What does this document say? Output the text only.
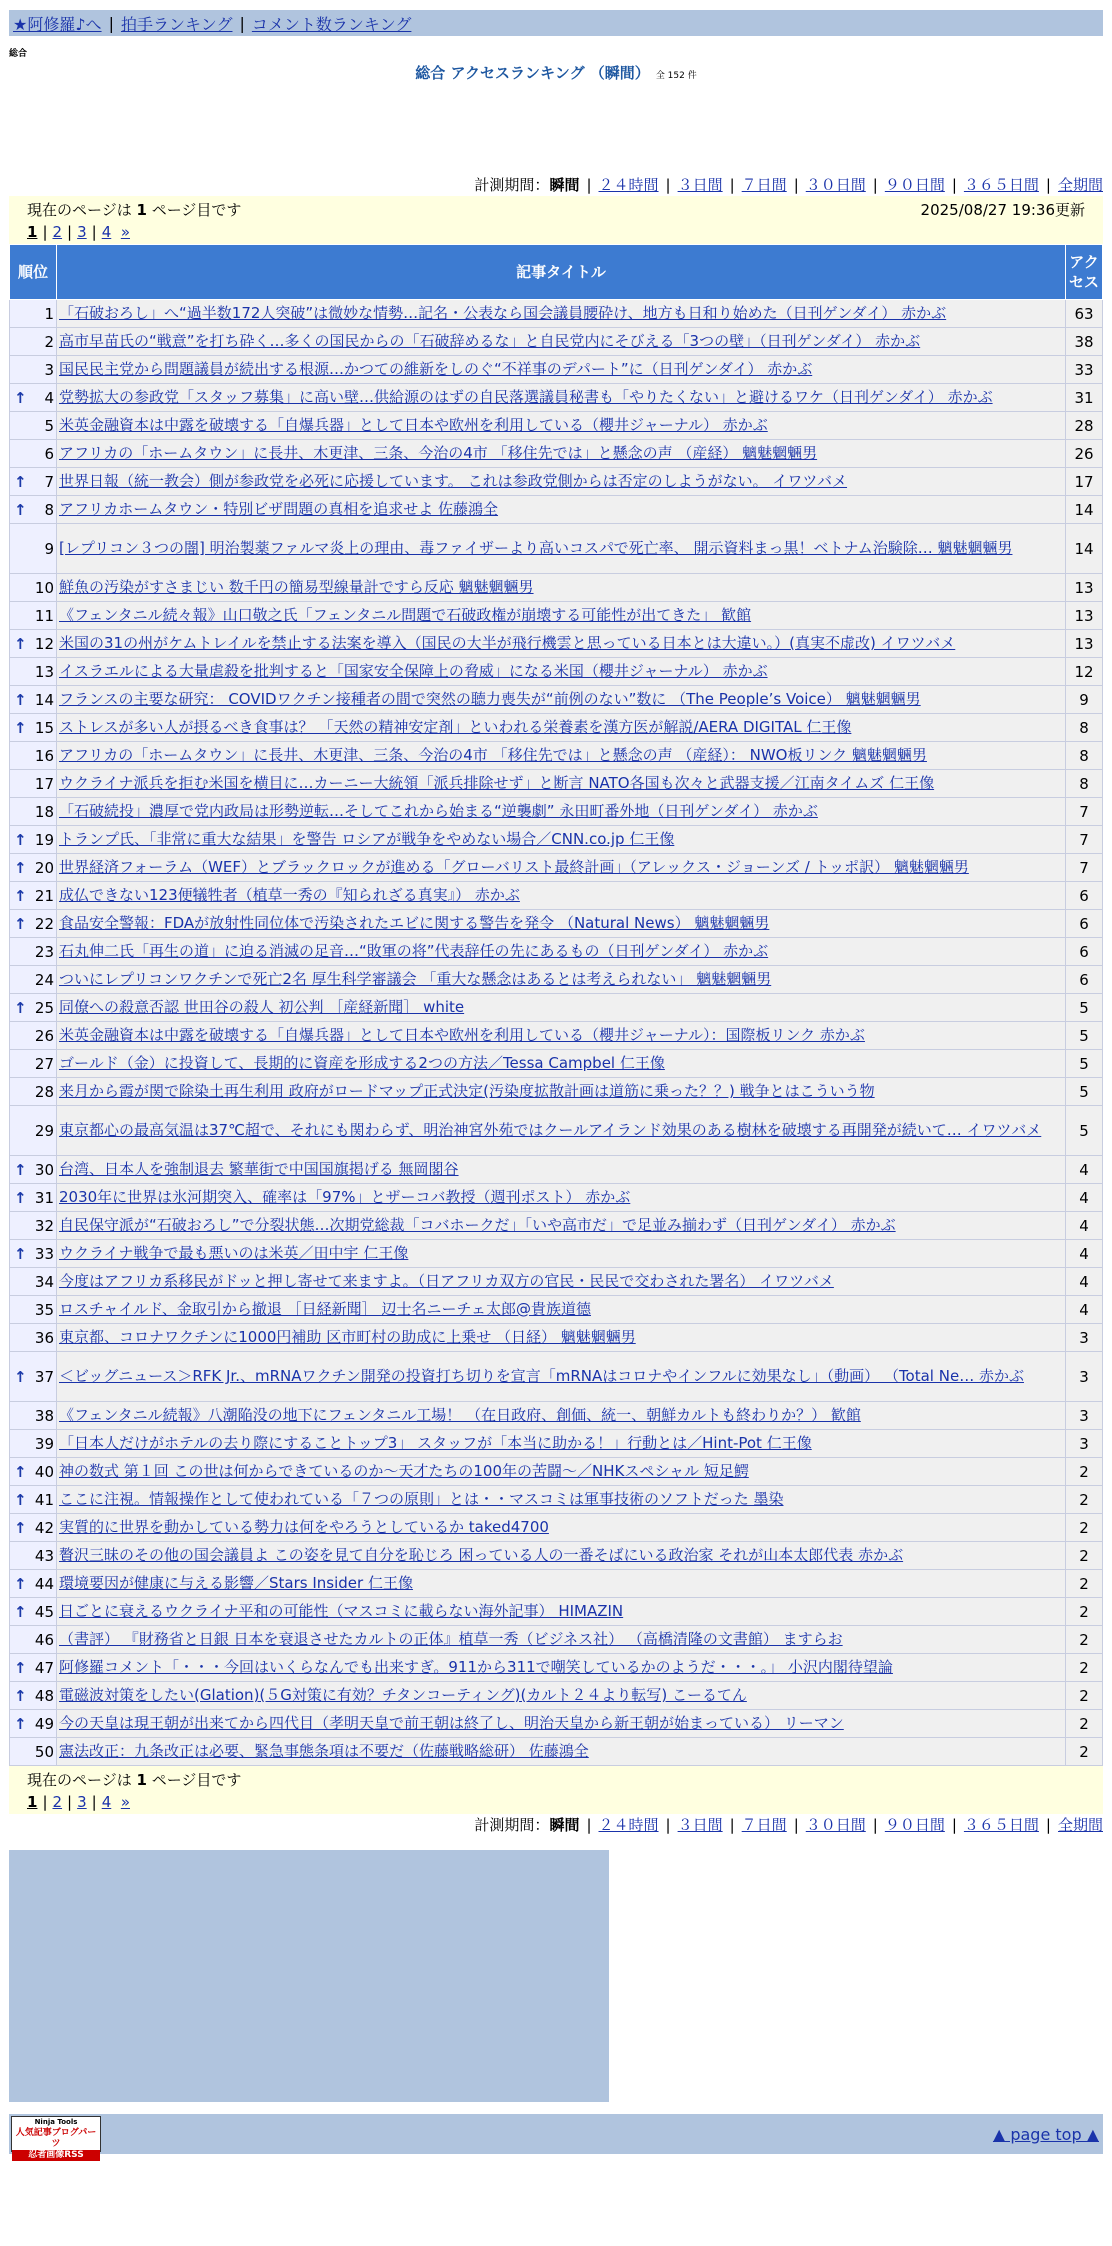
★阿修羅♪へ | 拍手ランキング | コメント数ランキング
総合
総合 アクセスランキング （瞬間） 全 152 件
計測期間：瞬間 | ２４時間 | ３日間 | ７日間 | ３０日間 | ９０日間 | ３６５日間 | 全期間
現在のページは 1 ページ目です	2025/08/27 19:36更新
1 | 2 | 3 | 4 »
順位	記事タイトル	アクセス
1	「石破おろし」へ“過半数172人突破”は微妙な情勢…記名・公表なら国会議員腰砕け、地方も日和り始めた（日刊ゲンダイ） 赤かぶ	63
2	高市早苗氏の“戦意”を打ち砕く…多くの国民からの「石破辞めるな」と自民党内にそびえる「3つの壁」（日刊ゲンダイ） 赤かぶ	38
3	国民民主党から問題議員が続出する根源…かつての維新をしのぐ“不祥事のデパート”に（日刊ゲンダイ） 赤かぶ	33

↑ 4	党勢拡大の参政党「スタッフ募集」に高い壁…供給源のはずの自民落選議員秘書も「やりたくない」と避けるワケ（日刊ゲンダイ） 赤かぶ	31
5	米英金融資本は中露を破壊する「自爆兵器」として日本や欧州を利用している（櫻井ジャーナル） 赤かぶ	28
6	アフリカの「ホームタウン」に長井、木更津、三条、今治の4市 「移住先では」と懸念の声 （産経） 魑魅魍魎男	26

↑ 7	世界日報（統一教会）側が参政党を必死に応援しています。 これは参政党側からは否定のしようがない。 イワツバメ	17

↑ 8	アフリカホームタウン・特別ビザ問題の真相を追求せよ 佐藤鴻全	14
9	[レプリコン３つの闇] 明治製薬ファルマ炎上の理由、毒ファイザーより高いコスパで死亡率、 開示資料まっ黒！ベトナム治験除… 魑魅魍魎男	14
10	鮮魚の汚染がすさまじい 数千円の簡易型線量計ですら反応 魑魅魍魎男	13
11	《フェンタニル続々報》山口敬之氏「フェンタニル問題で石破政権が崩壊する可能性が出てきた」 歓館	13

↑ 12	米国の31の州がケムトレイルを禁止する法案を導入（国民の大半が飛行機雲と思っている日本とは大違い。）(真実不虚改) イワツバメ	13
13	イスラエルによる大量虐殺を批判すると「国家安全保障上の脅威」になる米国（櫻井ジャーナル） 赤かぶ	12

↑ 14	フランスの主要な研究： COVIDワクチン接種者の間で突然の聴力喪失が“前例のない”数に （The People’s Voice） 魑魅魍魎男	9

↑ 15	ストレスが多い人が摂るべき食事は？ 「天然の精神安定剤」といわれる栄養素を漢方医が解説/AERA DIGITAL 仁王像	8
16	アフリカの「ホームタウン」に長井、木更津、三条、今治の4市 「移住先では」と懸念の声 （産経）： NWO板リンク 魑魅魍魎男	8
17	ウクライナ派兵を拒む米国を横目に…カーニー大統領「派兵排除せず」と断言 NATO各国も次々と武器支援／江南タイムズ 仁王像	8
18	「石破続投」濃厚で党内政局は形勢逆転…そしてこれから始まる“逆襲劇” 永田町番外地（日刊ゲンダイ） 赤かぶ	7

↑ 19	トランプ氏、「非常に重大な結果」を警告 ロシアが戦争をやめない場合／CNN.co.jp 仁王像	7

↑ 20	世界経済フォーラム（WEF）とブラックロックが進める「グローバリスト最終計画」（アレックス・ジョーンズ / トッポ訳） 魑魅魍魎男	7

↑ 21	成仏できない123便犠牲者（植草一秀の『知られざる真実』） 赤かぶ	6

↑ 22	食品安全警報：FDAが放射性同位体で汚染されたエビに関する警告を発令 （Natural News） 魑魅魍魎男	6
23	石丸伸二氏「再生の道」に迫る消滅の足音…“敗軍の将”代表辞任の先にあるもの（日刊ゲンダイ） 赤かぶ	6
24	ついにレプリコンワクチンで死亡2名 厚生科学審議会 「重大な懸念はあるとは考えられない」 魑魅魍魎男	6

↑ 25	同僚への殺意否認 世田谷の殺人 初公判 ［産経新聞］ white	5
26	米英金融資本は中露を破壊する「自爆兵器」として日本や欧州を利用している（櫻井ジャーナル）：国際板リンク 赤かぶ	5
27	ゴールド（金）に投資して、長期的に資産を形成する2つの方法／Tessa Campbel 仁王像	5
28	来月から霞が関で除染土再生利用 政府がロードマップ正式決定(汚染度拡散計画は道筋に乗った？？) 戦争とはこういう物	5
29	東京都心の最高気温は37℃超で、それにも関わらず、明治神宮外苑ではクールアイランド効果のある樹林を破壊する再開発が続いて… イワツバメ	5

↑ 30	台湾、日本人を強制退去 繁華街で中国国旗掲げる 無岡閣谷	4

↑ 31	2030年に世界は氷河期突入、確率は「97%」とザーコバ教授（週刊ポスト） 赤かぶ	4
32	自民保守派が“石破おろし”で分裂状態…次期党総裁「コバホークだ」「いや高市だ」で足並み揃わず（日刊ゲンダイ） 赤かぶ	4

↑ 33	ウクライナ戦争で最も悪いのは米英／田中宇 仁王像	4
34	今度はアフリカ系移民がドッと押し寄せて来ますよ。（日アフリカ双方の官民・民民で交わされた署名） イワツバメ	4
35	ロスチャイルド、金取引から撤退 ［日経新聞］ 辺士名ニーチェ太郎@貴族道德	4
36	東京都、コロナワクチンに1000円補助 区市町村の助成に上乗せ （日経） 魑魅魍魎男	3

↑ 37	＜ビッグニュース＞RFK Jr.、mRNAワクチン開発の投資打ち切りを宣言「mRNAはコロナやインフルに効果なし」（動画） （Total Ne… 赤かぶ	3
38	《フェンタニル続報》八潮陥没の地下にフェンタニル工場！ （在日政府、創価、統一、朝鮮カルトも終わりか？） 歓館	3
39	「日本人だけがホテルの去り際にすることトップ3」 スタッフが「本当に助かる！」行動とは／Hint-Pot 仁王像	3

↑ 40	神の数式 第１回 この世は何からできているのか～天才たちの100年の苦闘～／NHKスペシャル 短足鰐	2

↑ 41	ここに注視。情報操作として使われている「７つの原則」とは・・マスコミは軍事技術のソフトだった 墨染	2

↑ 42	実質的に世界を動かしている勢力は何をやろうとしているか taked4700	2
43	贅沢三昧のその他の国会議員よ この姿を見て自分を恥じろ 困っている人の一番そばにいる政治家 それが山本太郎代表 赤かぶ	2

↑ 44	環境要因が健康に与える影響／Stars Insider 仁王像	2

↑ 45	日ごとに衰えるウクライナ平和の可能性（マスコミに載らない海外記事） HIMAZIN	2
46	（書評） 『財務省と日銀 日本を衰退させたカルトの正体』植草一秀（ビジネス社） （高橋清隆の文書館） ますらお	2

↑ 47	阿修羅コメント「・・・今回はいくらなんでも出来すぎ。911から311で嘲笑しているかのようだ・・・。」 小沢内閣待望論	2

↑ 48	電磁波対策をしたい(Glation)(５G対策に有効？チタンコーティング)(カルト２４より転写) こーるてん	2

↑ 49	今の天皇は現王朝が出来てから四代目（孝明天皇で前王朝は終了し、明治天皇から新王朝が始まっている） リーマン	2
50	憲法改正：九条改正は必要、緊急事態条項は不要だ（佐藤戦略総研） 佐藤鴻全	2
現在のページは 1 ページ目です
1 | 2 | 3 | 4 »
計測期間：瞬間 | ２４時間 | ３日間 | ７日間 | ３０日間 | ９０日間 | ３６５日間 | 全期間
Ninja Tools
人気記事ブログパーツ
忍者画像RSS
▲ page top ▲
